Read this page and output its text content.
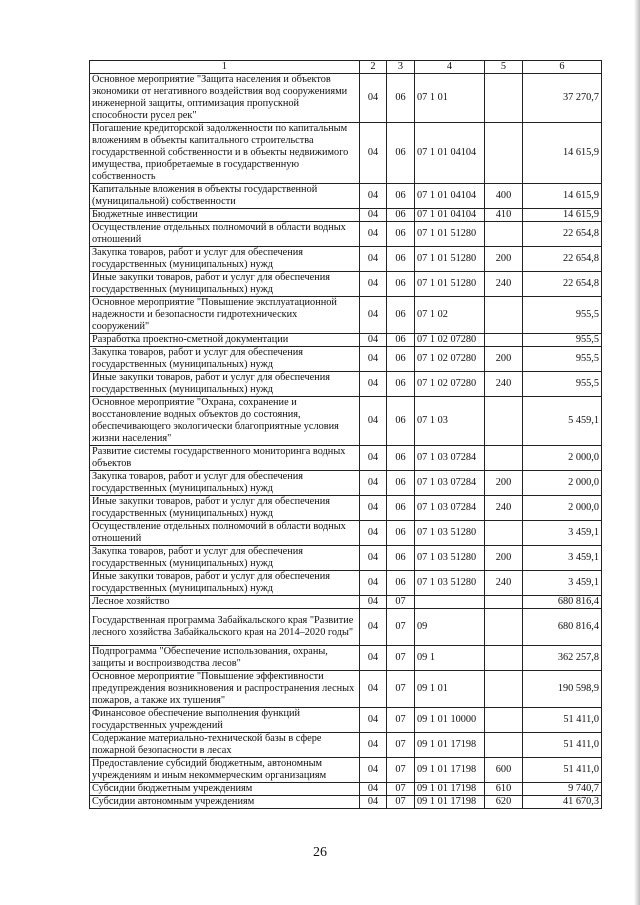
1	2	3	4	5	6
Основное мероприятие "Защита населения и объектов экономики от негативного воздействия вод сооружениями инженерной защиты, оптимизация пропускной способности русел рек"	04	06	07 1 01		37 270,7
Погашение кредиторской задолженности по капитальным вложениям в объекты капитального строительства государственной собственности и в объекты недвижимого имущества, приобретаемые в государственную собственность	04	06	07 1 01 04104		14 615,9
Капитальные вложения в объекты государственной (муниципальной) собственности	04	06	07 1 01 04104	400	14 615,9
Бюджетные инвестиции	04	06	07 1 01 04104	410	14 615,9
Осуществление отдельных полномочий в области водных отношений	04	06	07 1 01 51280		22 654,8
Закупка товаров, работ и услуг для обеспечения государственных (муниципальных) нужд	04	06	07 1 01 51280	200	22 654,8
Иные закупки товаров, работ и услуг для обеспечения государственных (муниципальных) нужд	04	06	07 1 01 51280	240	22 654,8
Основное мероприятие "Повышение эксплуатационной надежности и безопасности гидротехнических сооружений"	04	06	07 1 02		955,5
Разработка проектно-сметной документации	04	06	07 1 02 07280		955,5
Закупка товаров, работ и услуг для обеспечения государственных (муниципальных) нужд	04	06	07 1 02 07280	200	955,5
Иные закупки товаров, работ и услуг для обеспечения государственных (муниципальных) нужд	04	06	07 1 02 07280	240	955,5
Основное мероприятие "Охрана, сохранение и восстановление водных объектов до состояния, обеспечивающего экологически благоприятные условия жизни населения"	04	06	07 1 03		5 459,1
Развитие системы государственного мониторинга водных объектов	04	06	07 1 03 07284		2 000,0
Закупка товаров, работ и услуг для обеспечения государственных (муниципальных) нужд	04	06	07 1 03 07284	200	2 000,0
Иные закупки товаров, работ и услуг для обеспечения государственных (муниципальных) нужд	04	06	07 1 03 07284	240	2 000,0
Осуществление отдельных полномочий в области водных отношений	04	06	07 1 03 51280		3 459,1
Закупка товаров, работ и услуг для обеспечения государственных (муниципальных) нужд	04	06	07 1 03 51280	200	3 459,1
Иные закупки товаров, работ и услуг для обеспечения государственных (муниципальных) нужд	04	06	07 1 03 51280	240	3 459,1
Лесное хозяйство	04	07			680 816,4
Государственная программа Забайкальского края "Развитие лесного хозяйства Забайкальского края на 2014–2020 годы"	04	07	09		680 816,4
Подпрограмма "Обеспечение использования, охраны, защиты и воспроизводства лесов"	04	07	09 1		362 257,8
Основное мероприятие "Повышение эффективности предупреждения возникновения и распространения лесных пожаров, а также их тушения"	04	07	09 1 01		190 598,9
Финансовое обеспечение выполнения функций государственных учреждений	04	07	09 1 01 10000		51 411,0
Содержание материально-технической базы в сфере пожарной безопасности в лесах	04	07	09 1 01 17198		51 411,0
Предоставление субсидий бюджетным, автономным учреждениям и иным некоммерческим организациям	04	07	09 1 01 17198	600	51 411,0
Субсидии бюджетным учреждениям	04	07	09 1 01 17198	610	9 740,7
Субсидии автономным учреждениям	04	07	09 1 01 17198	620	41 670,3
26
